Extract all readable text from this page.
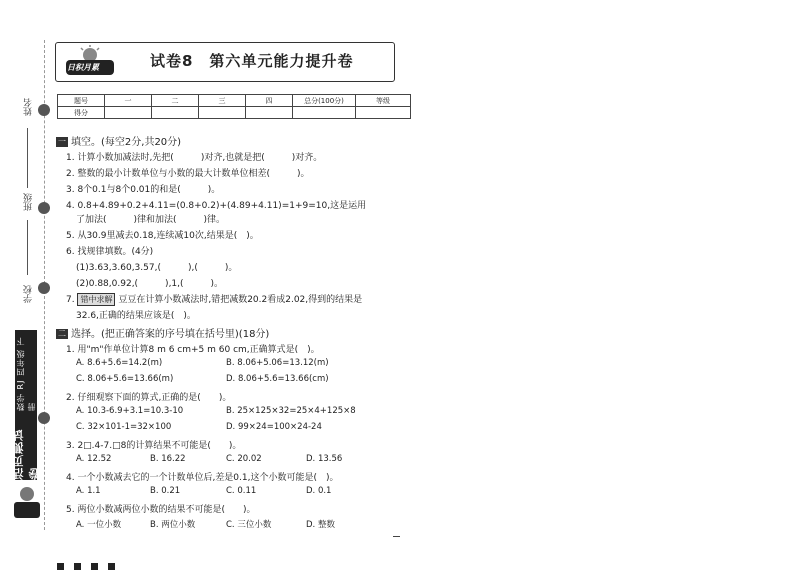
姓名
班级
学校
活页测试卷
数学 RJ 四年级 下册
日积月累	试卷8　第六单元能力提升卷
题号	一	二	三	四	总分(100分)	等级
得分						
一 填空。(每空2分,共20分)
1. 计算小数加减法时,先把(　　　)对齐,也就是把(　　　)对齐。
2. 整数的最小计数单位与小数的最大计数单位相差(　　　)。
3. 8个0.1与8个0.01的和是(　　　)。
4. 0.8+4.89+0.2+4.11=(0.8+0.2)+(4.89+4.11)=1+9=10,这是运用
了加法(　　　)律和加法(　　　)律。
5. 从30.9里减去0.18,连续减10次,结果是(　)。
6. 找规律填数。(4分)
(1)3.63,3.60,3.57,(　　　),(　　　)。
(2)0.88,0.92,(　　　),1,(　　　)。
7. 错中求解 豆豆在计算小数减法时,错把减数20.2看成2.02,得到的结果是
32.6,正确的结果应该是(　)。
二 选择。(把正确答案的序号填在括号里)(18分)
1. 用"m"作单位计算8 m 6 cm+5 m 60 cm,正确算式是(　)。
A. 8.6+5.6=14.2(m)	B. 8.06+5.06=13.12(m)
C. 8.06+5.6=13.66(m)	D. 8.06+5.6=13.66(cm)
2. 仔细观察下面的算式,正确的是(　　)。
A. 10.3-6.9+3.1=10.3-10	B. 25×125×32=25×4+125×8
C. 32×101-1=32×100	D. 99×24=100×24-24
3. 2□.4-7.□8的计算结果不可能是(　　)。
A. 12.52	B. 16.22	C. 20.02	D. 13.56
4. 一个小数减去它的一个计数单位后,差是0.1,这个小数可能是(　)。
A. 1.1	B. 0.21	C. 0.11	D. 0.1
5. 两位小数减两位小数的结果不可能是(　　)。
A. 一位小数	B. 两位小数	C. 三位小数	D. 整数
